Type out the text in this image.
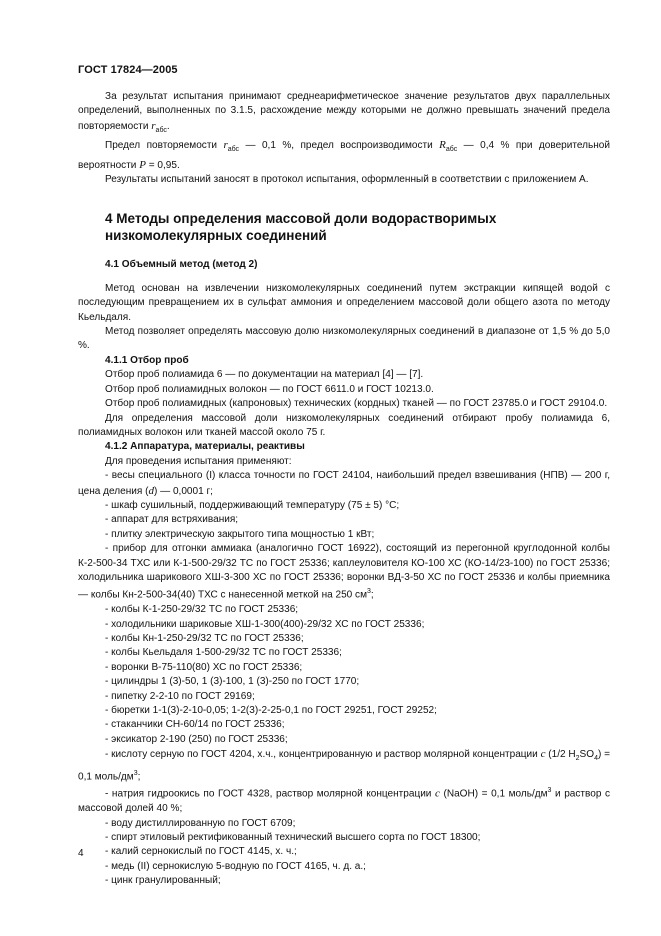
ГОСТ 17824—2005

За результат испытания принимают среднеарифметическое значение результатов двух параллельных определений, выполненных по 3.1.5, расхождение между которыми не должно превышать значений предела повторяемости $r_{абс}$.

Предел повторяемости $r_{абс}$ — 0,1 %, предел воспроизводимости $R_{абс}$ — 0,4 % при доверительной вероятности P = 0,95.

Результаты испытаний заносят в протокол испытания, оформленный в соответствии с приложением А.

4 Методы определения массовой доли водорастворимых низкомолекулярных соединений
4.1 Объемный метод (метод 2)

Метод основан на извлечении низкомолекулярных соединений путем экстракции кипящей водой с последующим превращением их в сульфат аммония и определением массовой доли общего азота по методу Кьельдаля.

Метод позволяет определять массовую долю низкомолекулярных соединений в диапазоне от 1,5 % до 5,0 %.

4.1.1 Отбор проб

Отбор проб полиамида 6 — по документации на материал [4] — [7].

Отбор проб полиамидных волокон — по ГОСТ 6611.0 и ГОСТ 10213.0.

Отбор проб полиамидных (капроновых) технических (кордных) тканей — по ГОСТ 23785.0 и ГОСТ 29104.0.

Для определения массовой доли низкомолекулярных соединений отбирают пробу полиамида 6, полиамидных волокон или тканей массой около 75 г.

4.1.2 Аппаратура, материалы, реактивы

Для проведения испытания применяют:

- весы специального (I) класса точности по ГОСТ 24104, наибольший предел взвешивания (НПВ) — 200 г, цена деления (d) — 0,0001 г;

- шкаф сушильный, поддерживающий температуру (75 ± 5) °С;

- аппарат для встряхивания;

- плитку электрическую закрытого типа мощностью 1 кВт;

- прибор для отгонки аммиака (аналогично ГОСТ 16922), состоящий из перегонной круглодонной колбы К-2-500-34 ТХС или К-1-500-29/32 ТС по ГОСТ 25336; каплеуловителя КО-100 ХС (КО-14/23-100) по ГОСТ 25336; холодильника шарикового ХШ-3-300 ХС по ГОСТ 25336; воронки ВД-3-50 ХС по ГОСТ 25336 и колбы приемника — колбы Кн-2-500-34(40) ТХС с нанесенной меткой на 250 $см^3$;

- колбы К-1-250-29/32 ТС по ГОСТ 25336;

- холодильники шариковые ХШ-1-300(400)-29/32 ХС по ГОСТ 25336;

- колбы Кн-1-250-29/32 ТС по ГОСТ 25336;

- колбы Кьельдаля 1-500-29/32 ТС по ГОСТ 25336;

- воронки В-75-110(80) ХС по ГОСТ 25336;

- цилиндры 1 (3)-50, 1 (3)-100, 1 (3)-250 по ГОСТ 1770;

- пипетку 2-2-10 по ГОСТ 29169;

- бюретки 1-1(3)-2-10-0,05; 1-2(3)-2-25-0,1 по ГОСТ 29251, ГОСТ 29252;

- стаканчики СН-60/14 по ГОСТ 25336;

- эксикатор 2-190 (250) по ГОСТ 25336;

- кислоту серную по ГОСТ 4204, х.ч., концентрированную и раствор молярной концентрации c (1/2 $H_2SO_4) = 0,1$ моль/$дм^3$;

- натрия гидроокись по ГОСТ 4328, раствор молярной концентрации c (NaOH) = 0,1 моль/$дм^3$ и раствор с массовой долей 40 %;

- воду дистиллированную по ГОСТ 6709;

- спирт этиловый ректификованный технический высшего сорта по ГОСТ 18300;

- калий сернокислый по ГОСТ 4145, х. ч.;

- медь (II) сернокислую 5-водную по ГОСТ 4165, ч. д. а.;

- цинк гранулированный;

4
